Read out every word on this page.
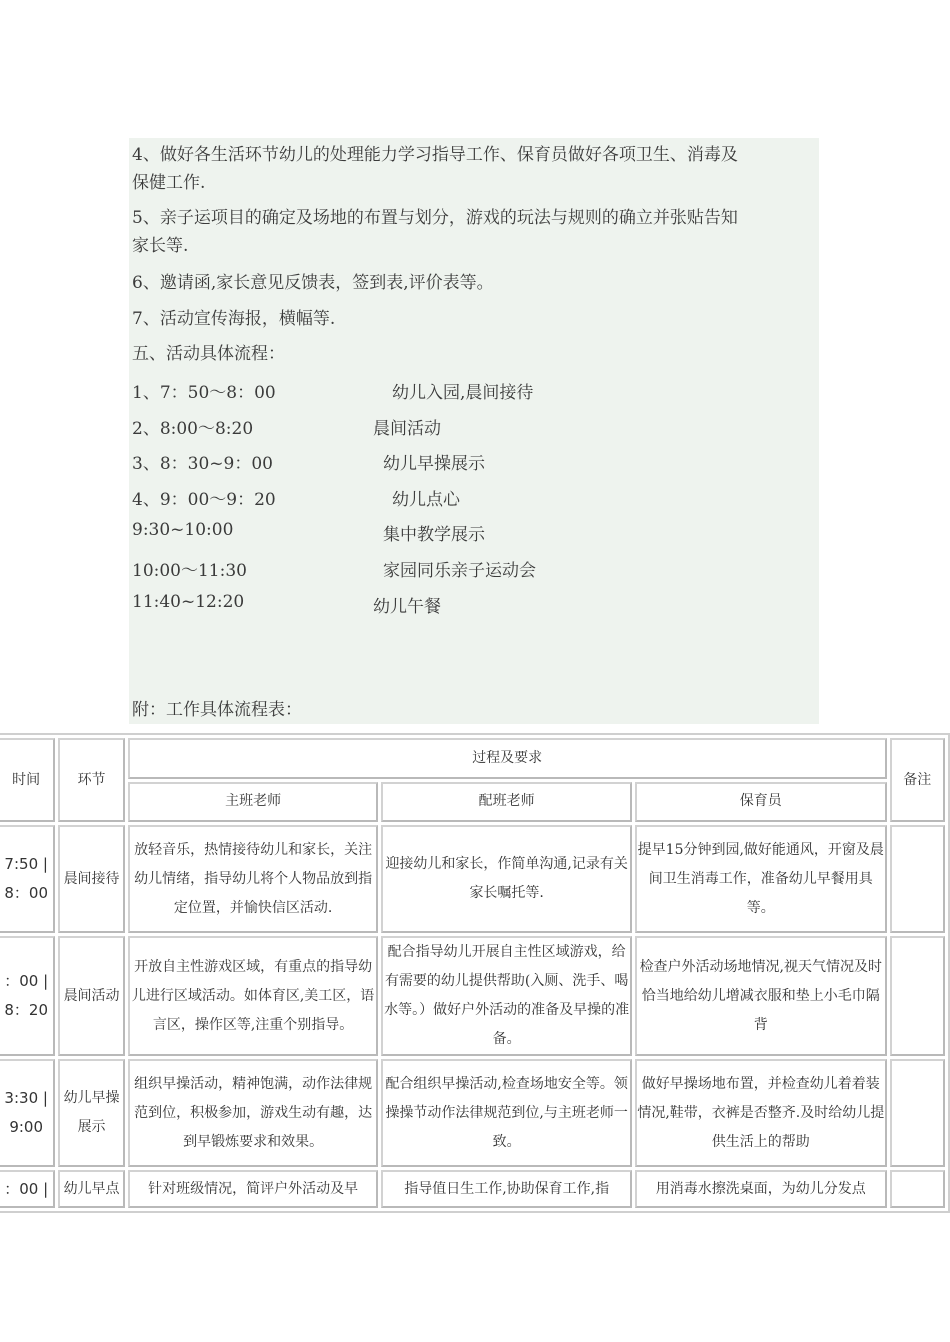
4、做好各生活环节幼儿的处理能力学习指导工作、保育员做好各项卫生、消毒及
保健工作.
5、亲子运项目的确定及场地的布置与划分，游戏的玩法与规则的确立并张贴告知
家长等.
6、邀请函,家长意见反馈表，签到表,评价表等。
7、活动宣传海报，横幅等.
五、活动具体流程：
1、7：50～8：00	幼儿入园,晨间接待
2、8:00～8:20	晨间活动
3、8：30~9：00	幼儿早操展示
4、9：00～9：20	幼儿点心
9:30~10:00	集中教学展示
10:00～11:30	家园同乐亲子运动会
11:40~12:20	幼儿午餐
附：工作具体流程表：
时间	环节	过程及要求			备注
		主班老师	配班老师	保育员	

7:50 | 8：00	晨间接待	放轻音乐，热情接待幼儿和家长，关注幼儿情绪，指导幼儿将个人物品放到指定位置，并愉快信区活动.	迎接幼儿和家长，作简单沟通,记录有关家长嘱托等.	提早15分钟到园,做好能通风，开窗及晨间卫生消毒工作，准备幼儿早餐用具等。	

：00 | 8：20	晨间活动	开放自主性游戏区域，有重点的指导幼儿进行区域活动。如体育区,美工区，语言区，操作区等,注重个别指导。	配合指导幼儿开展自主性区域游戏，给有需要的幼儿提供帮助(入厕、洗手、喝水等。）做好户外活动的准备及早操的准备。	检查户外活动场地情况,视天气情况及时恰当地给幼儿增减衣服和垫上小毛巾隔背	

3:30 | 9:00	幼儿早操展示	组织早操活动，精神饱满，动作法律规范到位，积极参加，游戏生动有趣，达到早锻炼要求和效果。	配合组织早操活动,检查场地安全等。领操操节动作法律规范到位,与主班老师一致。	做好早操场地布置，并检查幼儿着着装情况,鞋带，衣裤是否整齐.及时给幼儿提供生活上的帮助	

：00 |	幼儿早点	针对班级情况，简评户外活动及早	指导值日生工作,协助保育工作,指	用消毒水擦洗桌面，为幼儿分发点	
